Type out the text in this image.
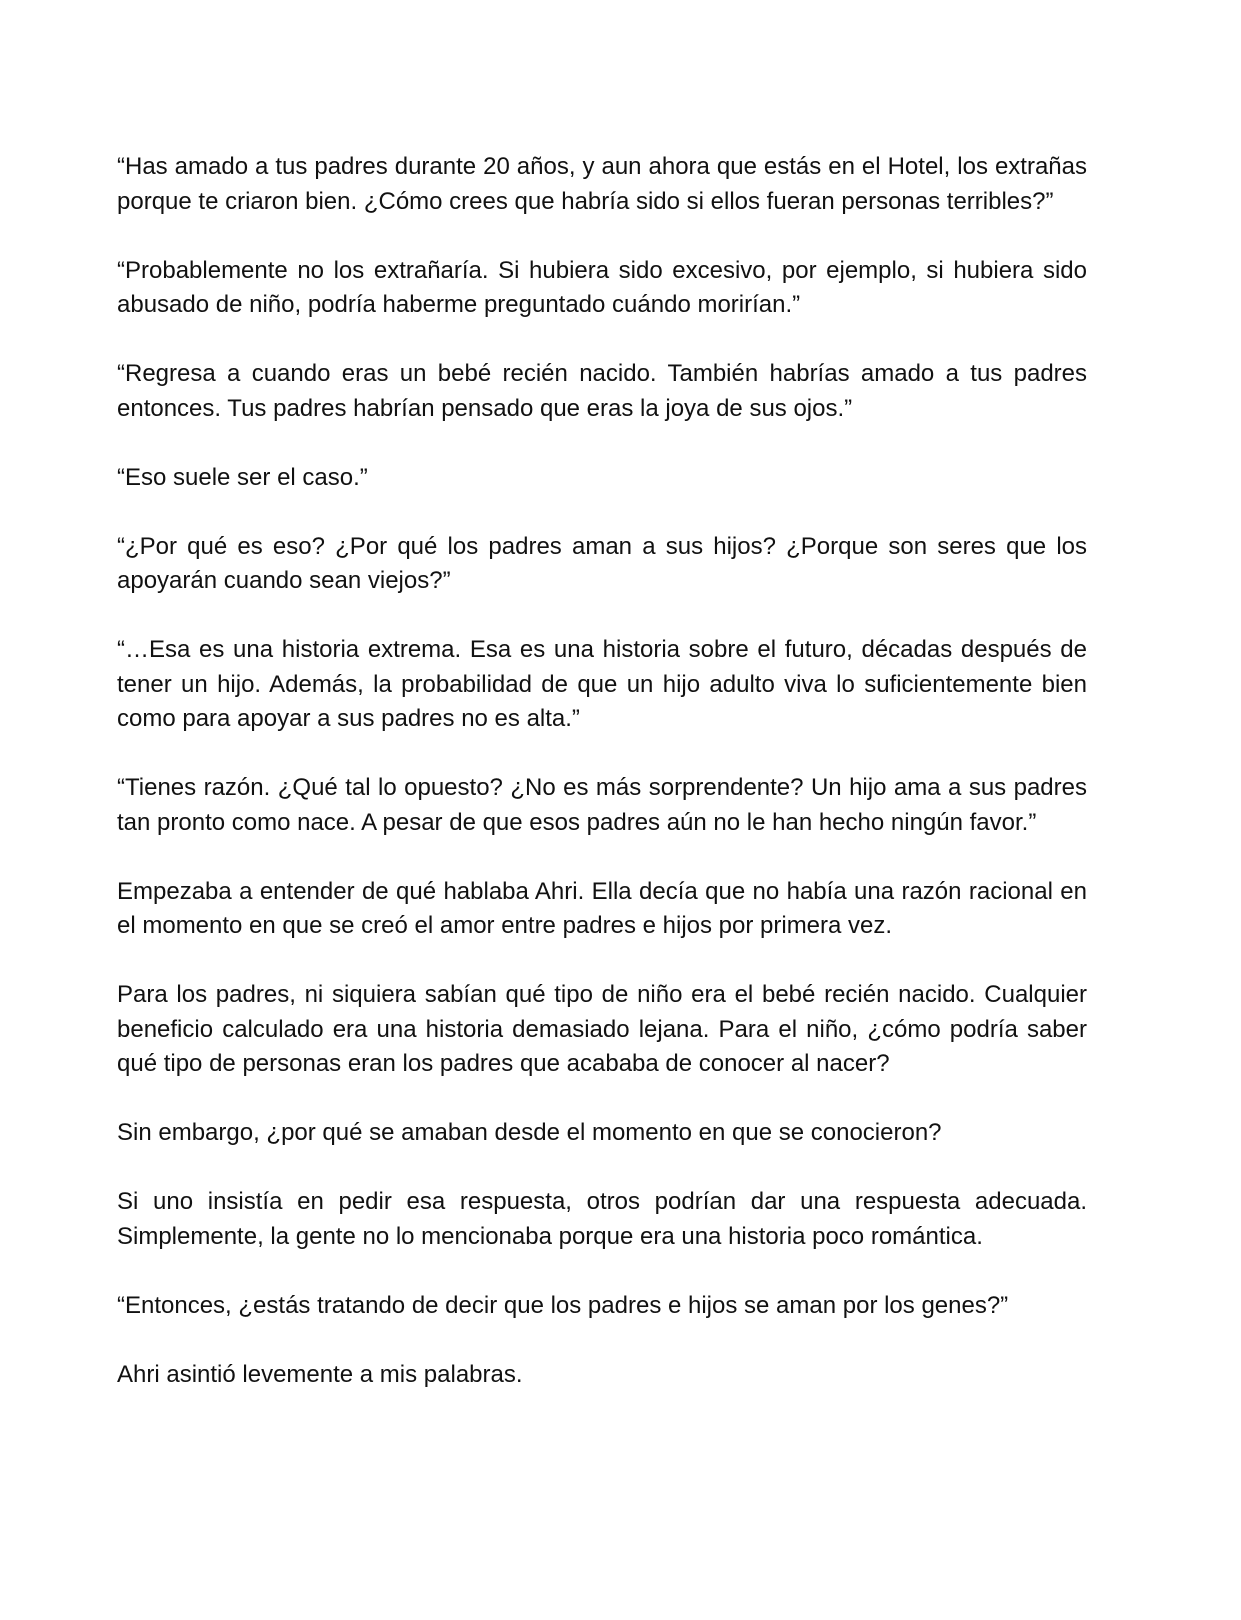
“Has amado a tus padres durante 20 años, y aun ahora que estás en el Hotel, los extrañas porque te criaron bien. ¿Cómo crees que habría sido si ellos fueran personas terribles?”

“Probablemente no los extrañaría. Si hubiera sido excesivo, por ejemplo, si hubiera sido abusado de niño, podría haberme preguntado cuándo morirían.”

“Regresa a cuando eras un bebé recién nacido. También habrías amado a tus padres entonces. Tus padres habrían pensado que eras la joya de sus ojos.”

“Eso suele ser el caso.”

“¿Por qué es eso? ¿Por qué los padres aman a sus hijos? ¿Porque son seres que los apoyarán cuando sean viejos?”

“…Esa es una historia extrema. Esa es una historia sobre el futuro, décadas después de tener un hijo. Además, la probabilidad de que un hijo adulto viva lo suficientemente bien como para apoyar a sus padres no es alta.”

“Tienes razón. ¿Qué tal lo opuesto? ¿No es más sorprendente? Un hijo ama a sus padres tan pronto como nace. A pesar de que esos padres aún no le han hecho ningún favor.”

Empezaba a entender de qué hablaba Ahri. Ella decía que no había una razón racional en el momento en que se creó el amor entre padres e hijos por primera vez.

Para los padres, ni siquiera sabían qué tipo de niño era el bebé recién nacido. Cualquier beneficio calculado era una historia demasiado lejana. Para el niño, ¿cómo podría saber qué tipo de personas eran los padres que acababa de conocer al nacer?

Sin embargo, ¿por qué se amaban desde el momento en que se conocieron?

Si uno insistía en pedir esa respuesta, otros podrían dar una respuesta adecuada. Simplemente, la gente no lo mencionaba porque era una historia poco romántica.

“Entonces, ¿estás tratando de decir que los padres e hijos se aman por los genes?”

Ahri asintió levemente a mis palabras.
